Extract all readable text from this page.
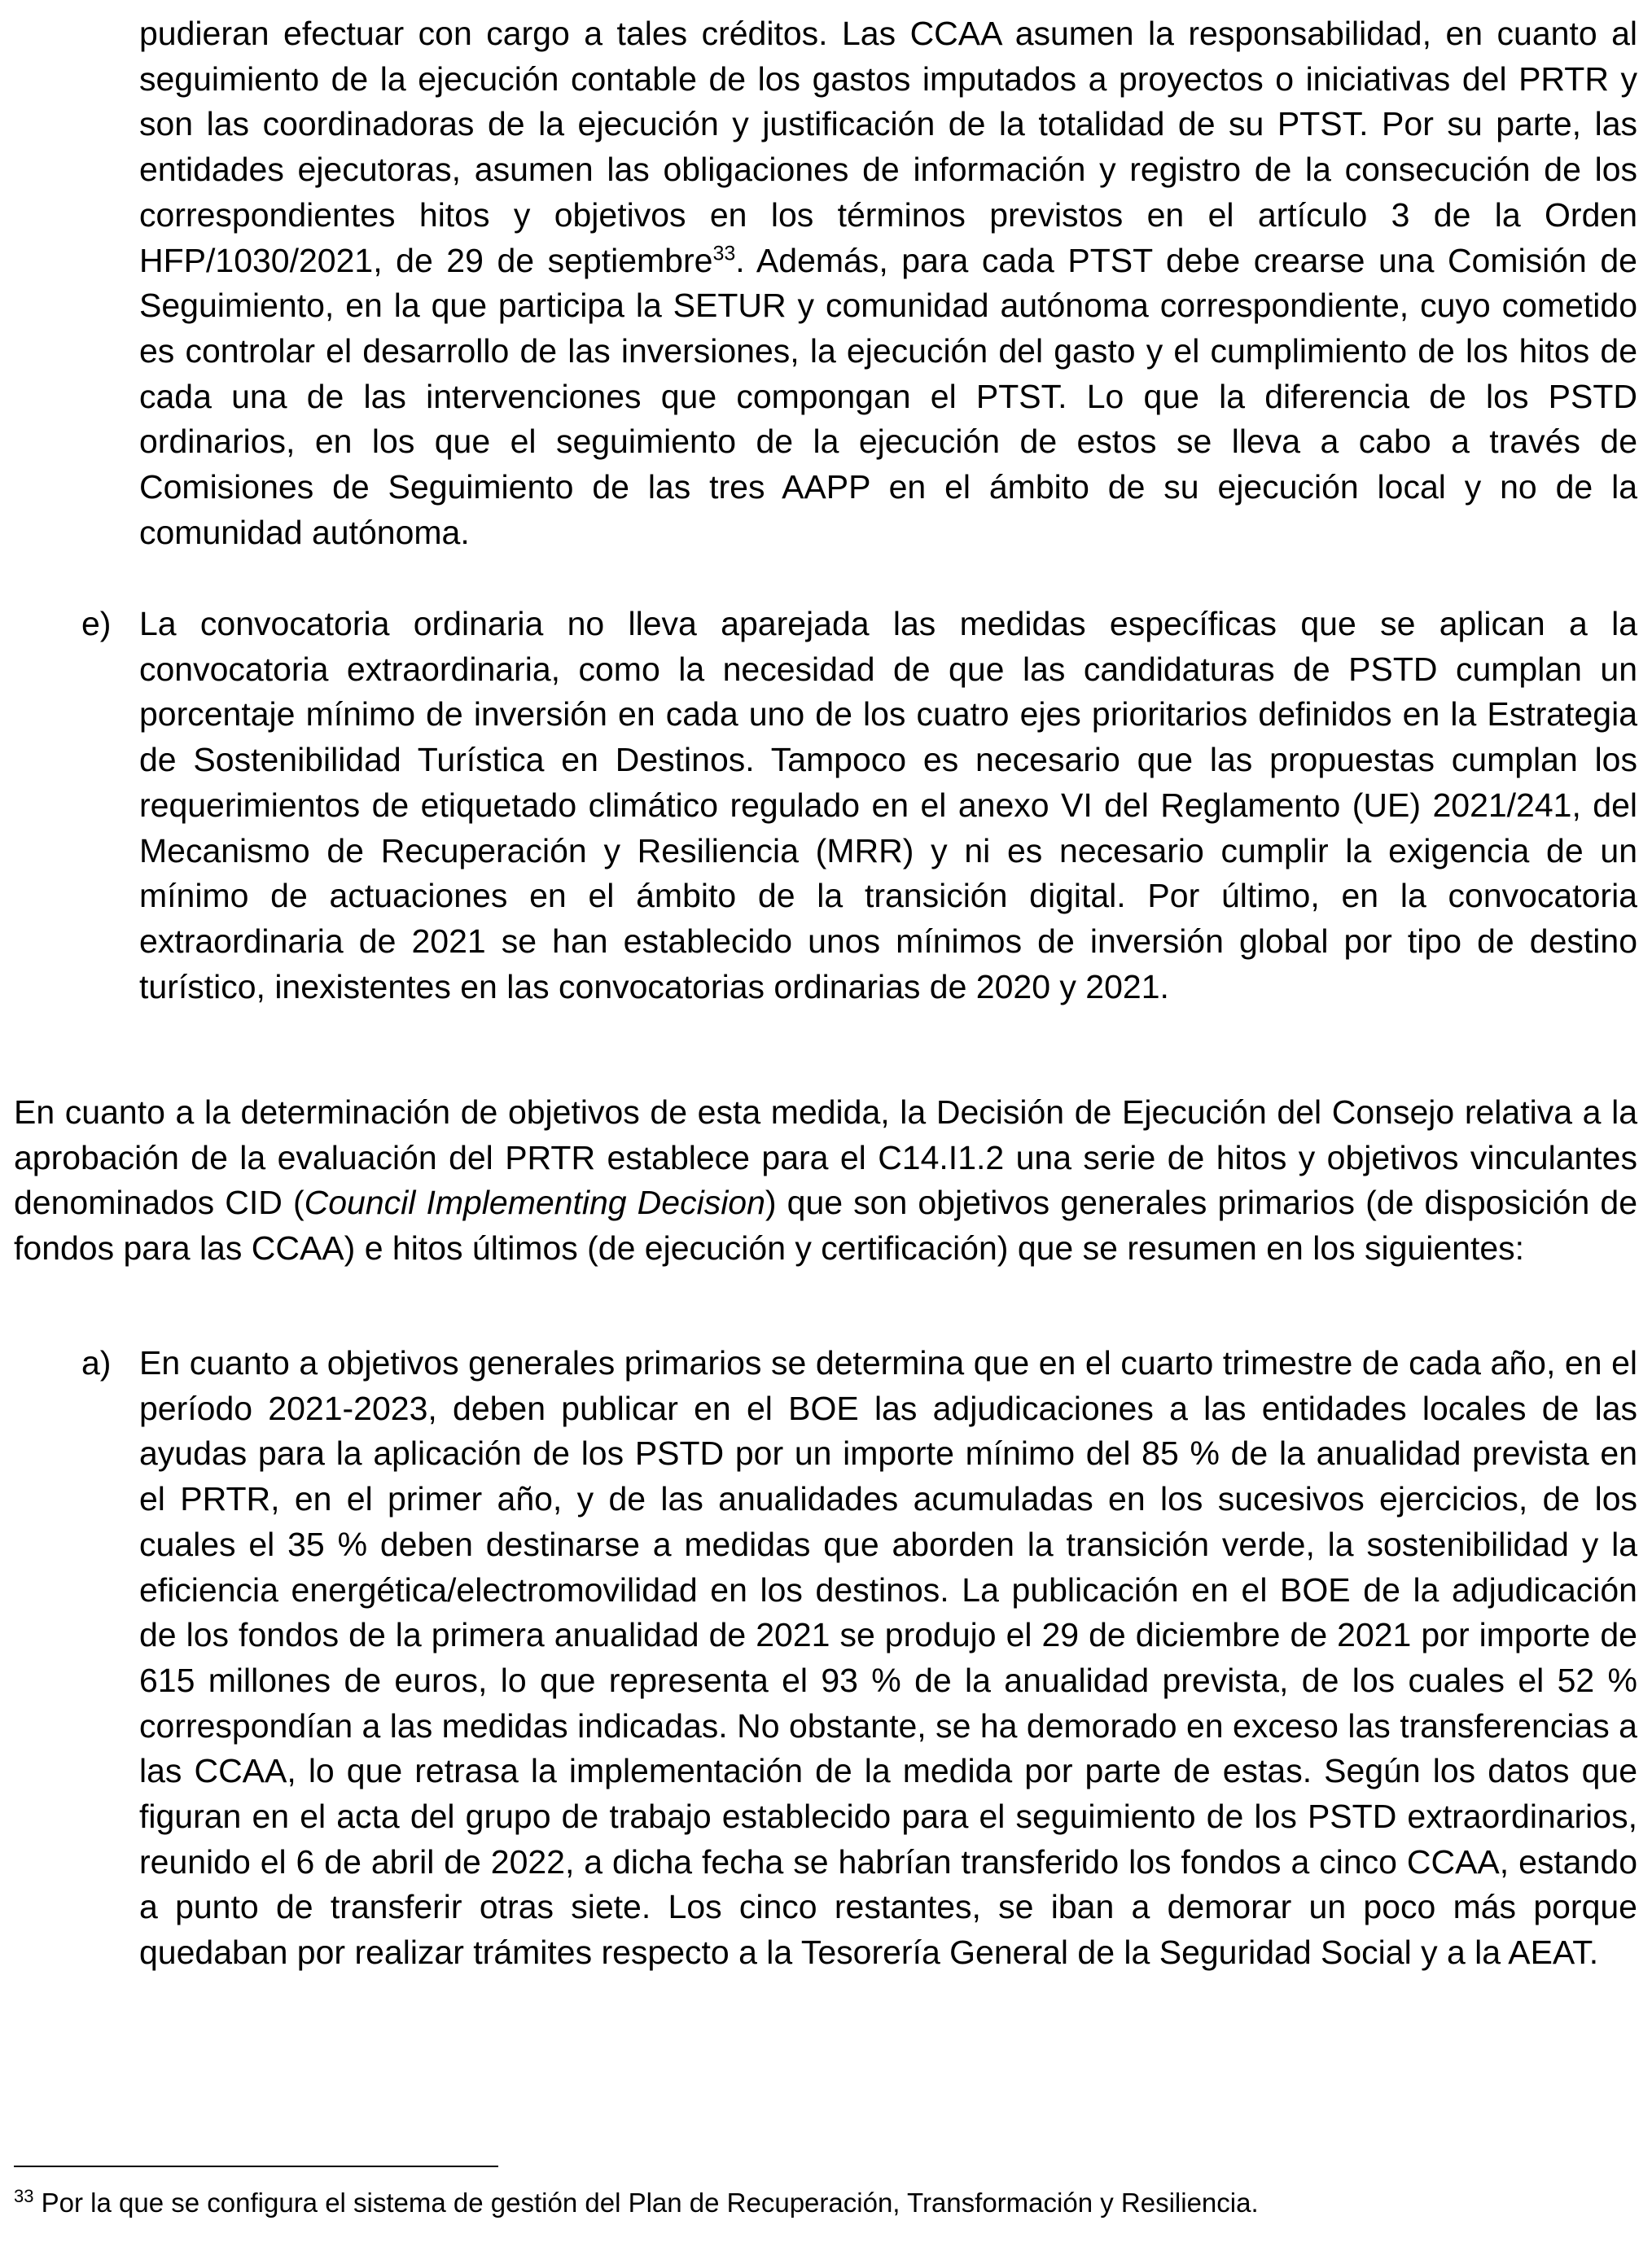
pudieran efectuar con cargo a tales créditos. Las CCAA asumen la responsabilidad, en cuanto al seguimiento de la ejecución contable de los gastos imputados a proyectos o iniciativas del PRTR y son las coordinadoras de la ejecución y justificación de la totalidad de su PTST. Por su parte, las entidades ejecutoras, asumen las obligaciones de información y registro de la consecución de los correspondientes hitos y objetivos en los términos previstos en el artículo 3 de la Orden HFP/1030/2021, de 29 de septiembre$^{33}$. Además, para cada PTST debe crearse una Comisión de Seguimiento, en la que participa la SETUR y comunidad autónoma correspondiente, cuyo cometido es controlar el desarrollo de las inversiones, la ejecución del gasto y el cumplimiento de los hitos de cada una de las intervenciones que compongan el PTST. Lo que la diferencia de los PSTD ordinarios, en los que el seguimiento de la ejecución de estos se lleva a cabo a través de Comisiones de Seguimiento de las tres AAPP en el ámbito de su ejecución local y no de la comunidad autónoma.

e) La convocatoria ordinaria no lleva aparejada las medidas específicas que se aplican a la convocatoria extraordinaria, como la necesidad de que las candidaturas de PSTD cumplan un porcentaje mínimo de inversión en cada uno de los cuatro ejes prioritarios definidos en la Estrategia de Sostenibilidad Turística en Destinos. Tampoco es necesario que las propuestas cumplan los requerimientos de etiquetado climático regulado en el anexo VI del Reglamento (UE) 2021/241, del Mecanismo de Recuperación y Resiliencia (MRR) y ni es necesario cumplir la exigencia de un mínimo de actuaciones en el ámbito de la transición digital. Por último, en la convocatoria extraordinaria de 2021 se han establecido unos mínimos de inversión global por tipo de destino turístico, inexistentes en las convocatorias ordinarias de 2020 y 2021.

En cuanto a la determinación de objetivos de esta medida, la Decisión de Ejecución del Consejo relativa a la aprobación de la evaluación del PRTR establece para el C14.I1.2 una serie de hitos y objetivos vinculantes denominados CID (Council Implementing Decision) que son objetivos generales primarios (de disposición de fondos para las CCAA) e hitos últimos (de ejecución y certificación) que se resumen en los siguientes:

a) En cuanto a objetivos generales primarios se determina que en el cuarto trimestre de cada año, en el período 2021-2023, deben publicar en el BOE las adjudicaciones a las entidades locales de las ayudas para la aplicación de los PSTD por un importe mínimo del 85 % de la anualidad prevista en el PRTR, en el primer año, y de las anualidades acumuladas en los sucesivos ejercicios, de los cuales el 35 % deben destinarse a medidas que aborden la transición verde, la sostenibilidad y la eficiencia energética/electromovilidad en los destinos. La publicación en el BOE de la adjudicación de los fondos de la primera anualidad de 2021 se produjo el 29 de diciembre de 2021 por importe de 615 millones de euros, lo que representa el 93 % de la anualidad prevista, de los cuales el 52 % correspondían a las medidas indicadas. No obstante, se ha demorado en exceso las transferencias a las CCAA, lo que retrasa la implementación de la medida por parte de estas. Según los datos que figuran en el acta del grupo de trabajo establecido para el seguimiento de los PSTD extraordinarios, reunido el 6 de abril de 2022, a dicha fecha se habrían transferido los fondos a cinco CCAA, estando a punto de transferir otras siete. Los cinco restantes, se iban a demorar un poco más porque quedaban por realizar trámites respecto a la Tesorería General de la Seguridad Social y a la AEAT.

$^{33}$ Por la que se configura el sistema de gestión del Plan de Recuperación, Transformación y Resiliencia.
